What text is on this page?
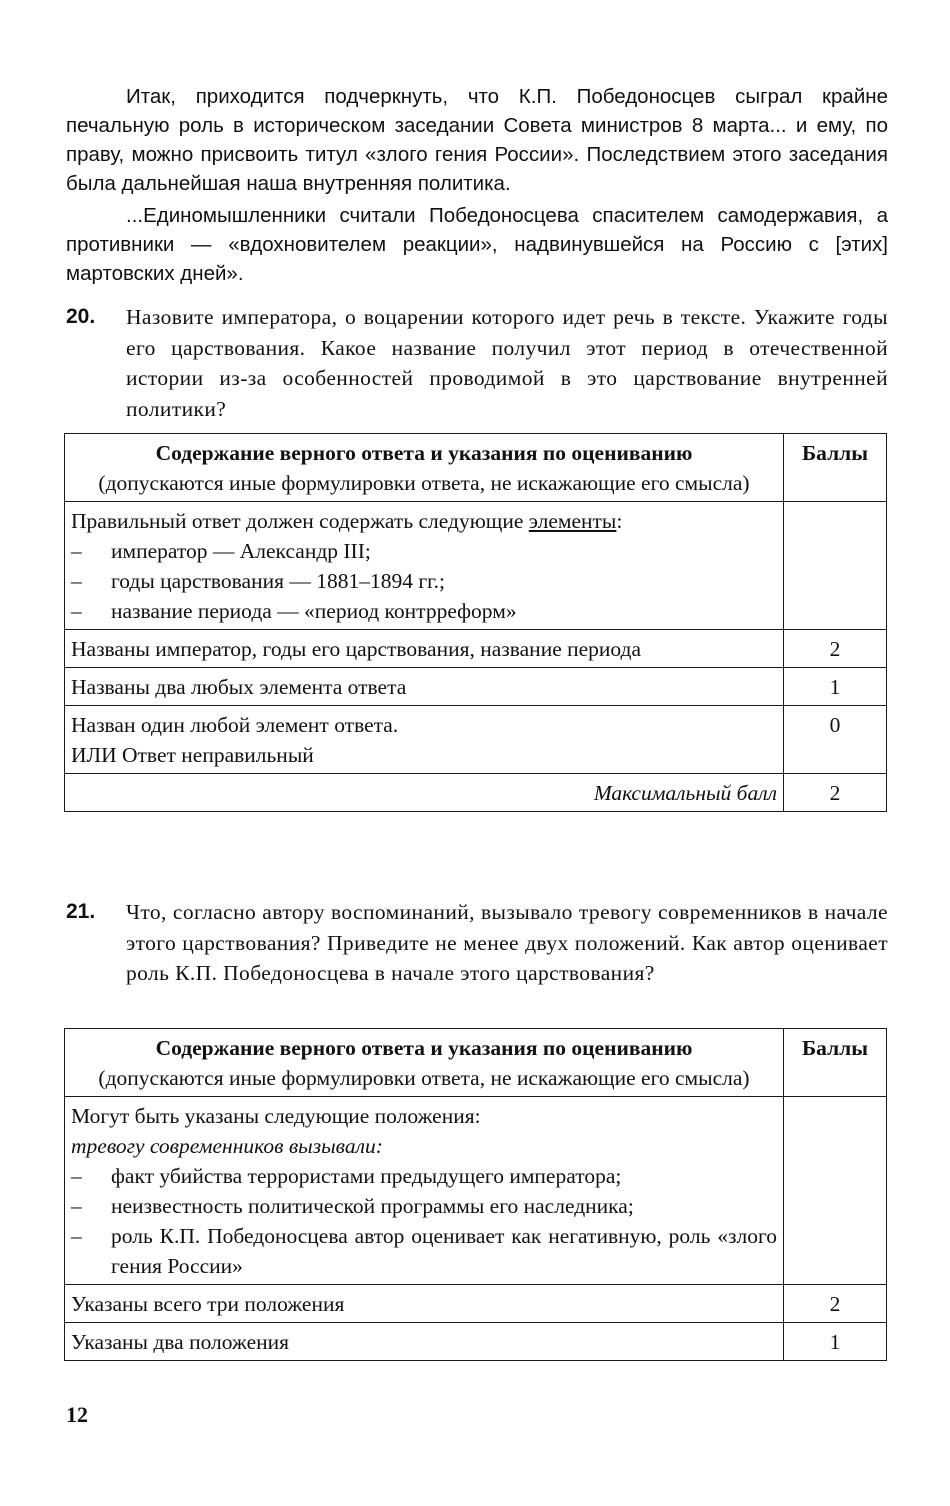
Итак, приходится подчеркнуть, что К.П. Победоносцев сыграл крайне печальную роль в историческом заседании Совета министров 8 марта... и ему, по праву, можно присвоить титул «злого гения России». Последствием этого заседания была дальнейшая наша внутренняя политика.

...Единомышленники считали Победоносцева спасителем самодержавия, а противники — «вдохновителем реакции», надвинувшейся на Россию с [этих] мартовских дней».

20. Назовите императора, о воцарении которого идет речь в тексте. Укажите годы его царствования. Какое название получил этот период в отечественной истории из-за особенностей проводимой в это царствование внутренней политики?
Содержание верного ответа и указания по оцениванию
(допускаются иные формулировки ответа, не искажающие его смысла)	Баллы
Правильный ответ должен содержать следующие элементы:
– император — Александр III;
– годы царствования — 1881–1894 гг.;
– название периода — «период контрреформ»

Названы император, годы его царствования, название периода	2
Названы два любых элемента ответа	1
Назван один любой элемент ответа.
ИЛИ Ответ неправильный	0
Максимальный балл	2
21. Что, согласно автору воспоминаний, вызывало тревогу современников в начале этого царствования? Приведите не менее двух положений. Как автор оценивает роль К.П. Победоносцева в начале этого царствования?
Содержание верного ответа и указания по оцениванию
(допускаются иные формулировки ответа, не искажающие его смысла)	Баллы
Могут быть указаны следующие положения:
тревогу современников вызывали:
– факт убийства террористами предыдущего императора;
– неизвестность политической программы его наследника;
– роль К.П. Победоносцева автор оценивает как негативную, роль «злого гения России»

Указаны всего три положения	2
Указаны два положения	1
12
